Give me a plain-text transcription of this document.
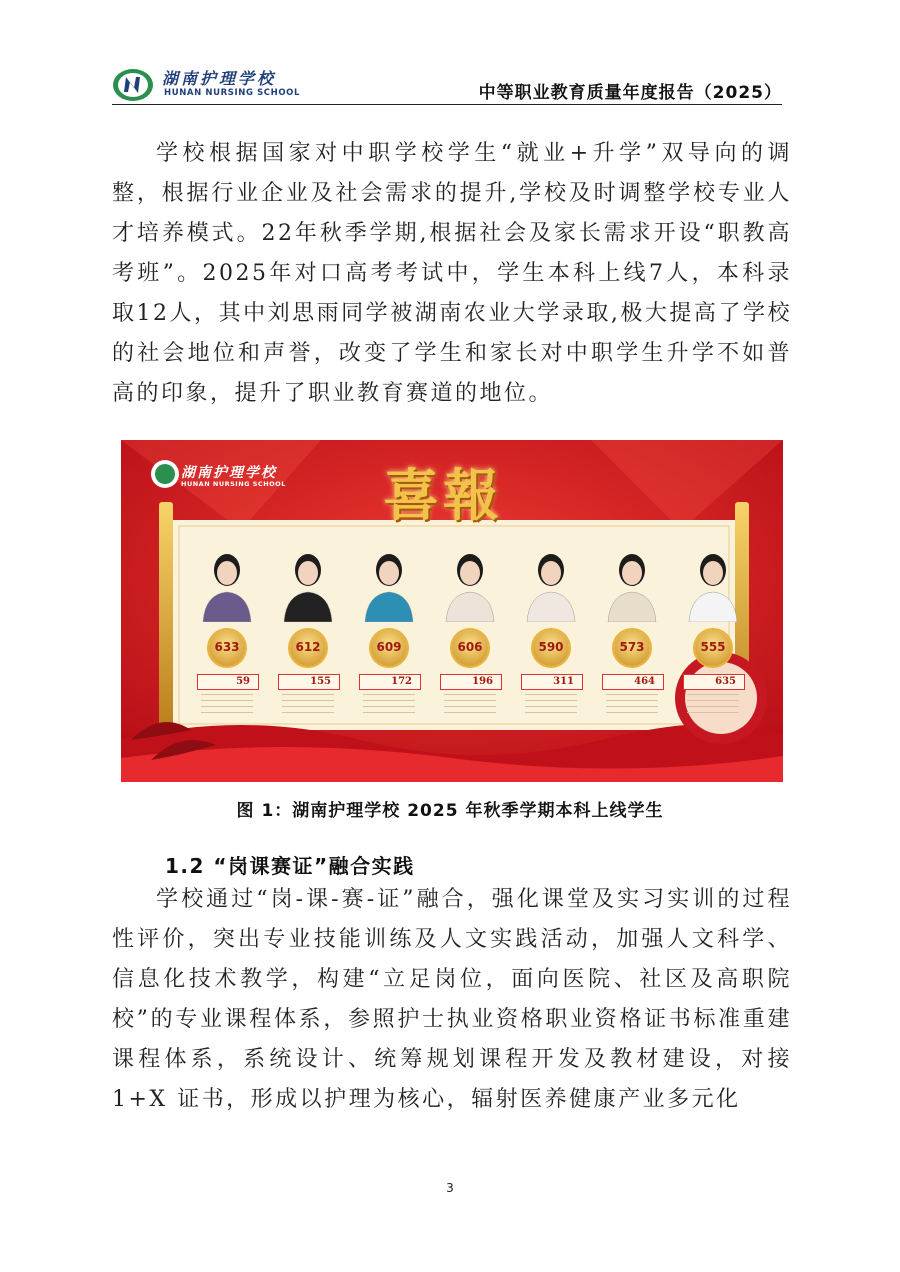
湖南护理学校
HUNAN NURSING SCHOOL	中等职业教育质量年度报告（2025）

学校根据国家对中职学校学生“就业+升学”双导向的调整，根据行业企业及社会需求的提升,学校及时调整学校专业人才培养模式。22年秋季学期,根据社会及家长需求开设“职教高考班”。2025年对口高考考试中，学生本科上线7人，本科录取12人，其中刘思雨同学被湖南农业大学录取,极大提高了学校的社会地位和声誉，改变了学生和家长对中职学生升学不如普高的印象，提升了职业教育赛道的地位。

湖南护理学校
HUNAN NURSING SCHOOL 喜報
633
59
612
155
609
172
606
196
590
311
573
464
555
635
图 1：湖南护理学校 2025 年秋季学期本科上线学生
1.2 “岗课赛证”融合实践

学校通过“岗-课-赛-证”融合，强化课堂及实习实训的过程性评价，突出专业技能训练及人文实践活动，加强人文科学、信息化技术教学，构建“立足岗位，面向医院、社区及高职院校”的专业课程体系，参照护士执业资格职业资格证书标准重建课程体系，系统设计、统筹规划课程开发及教材建设，对接 1+X 证书，形成以护理为核心，辐射医养健康产业多元化

3
